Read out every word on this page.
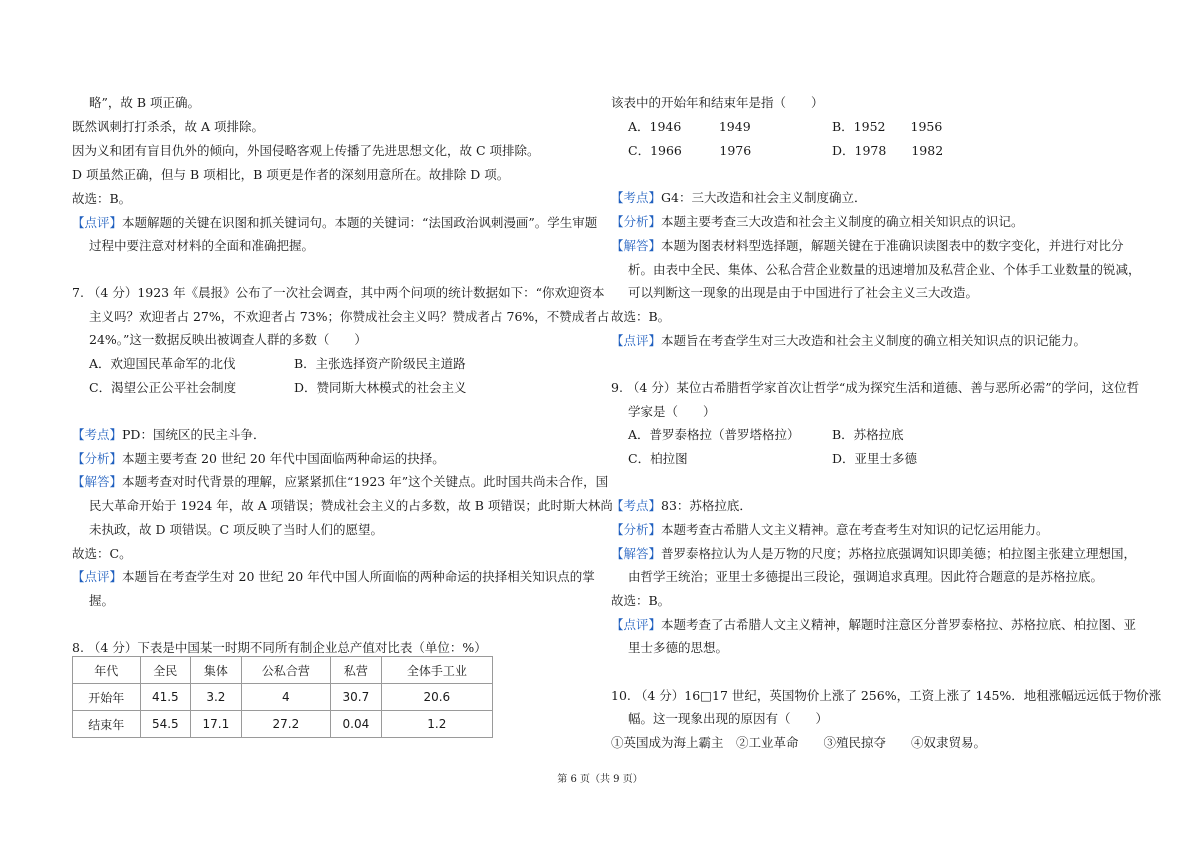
略”，故 B 项正确。
既然讽刺打打杀杀，故 A 项排除。
因为义和团有盲目仇外的倾向，外国侵略客观上传播了先进思想文化，故 C 项排除。
D 项虽然正确，但与 B 项相比，B 项更是作者的深刻用意所在。故排除 D 项。
故选：B。
【点评】本题解题的关键在识图和抓关键词句。本题的关键词：“法国政治讽刺漫画”。学生审题
过程中要注意对材料的全面和准确把握。
7. （4 分）1923 年《晨报》公布了一次社会调查，其中两个问项的统计数据如下：“你欢迎资本
主义吗？欢迎者占 27%，不欢迎者占 73%；你赞成社会主义吗？赞成者占 76%，不赞成者占
24%。”这一数据反映出被调查人群的多数（　　）
A．欢迎国民革命军的北伐	B．主张选择资产阶级民主道路
C．渴望公正公平社会制度	D．赞同斯大林模式的社会主义
【考点】PD：国统区的民主斗争．
【分析】本题主要考查 20 世纪 20 年代中国面临两种命运的抉择。
【解答】本题考查对时代背景的理解，应紧紧抓住“1923 年”这个关键点。此时国共尚未合作，国
民大革命开始于 1924 年，故 A 项错误；赞成社会主义的占多数，故 B 项错误；此时斯大林尚
未执政，故 D 项错误。C 项反映了当时人们的愿望。
故选：C。
【点评】本题旨在考查学生对 20 世纪 20 年代中国人所面临的两种命运的抉择相关知识点的掌
握。
8. （4 分）下表是中国某一时期不同所有制企业总产值对比表（单位：%）
年代	全民	集体	公私合营	私营	全体手工业
开始年	41.5	3.2	4	30.7	20.6
结束年	54.5	17.1	27.2	0.04	1.2
该表中的开始年和结束年是指（　　）
A．1946　　　1949	B．1952　　1956
C．1966　　　1976	D．1978　　1982
【考点】G4：三大改造和社会主义制度确立．
【分析】本题主要考查三大改造和社会主义制度的确立相关知识点的识记。
【解答】本题为图表材料型选择题，解题关键在于准确识读图表中的数字变化，并进行对比分
析。由表中全民、集体、公私合营企业数量的迅速增加及私营企业、个体手工业数量的锐减，
可以判断这一现象的出现是由于中国进行了社会主义三大改造。
故选：B。
【点评】本题旨在考查学生对三大改造和社会主义制度的确立相关知识点的识记能力。
9. （4 分）某位古希腊哲学家首次让哲学“成为探究生活和道德、善与恶所必需”的学问，这位哲
学家是（　　）
A．普罗泰格拉（普罗塔格拉）	B．苏格拉底
C．柏拉图	D．亚里士多德
【考点】83：苏格拉底．
【分析】本题考查古希腊人文主义精神。意在考查考生对知识的记忆运用能力。
【解答】普罗泰格拉认为人是万物的尺度；苏格拉底强调知识即美德；柏拉图主张建立理想国，
由哲学王统治；亚里士多德提出三段论，强调追求真理。因此符合题意的是苏格拉底。
故选：B。
【点评】本题考查了古希腊人文主义精神，解题时注意区分普罗泰格拉、苏格拉底、柏拉图、亚
里士多德的思想。
10. （4 分）16□17 世纪，英国物价上涨了 256%，工资上涨了 145%．地租涨幅远远低于物价涨
幅。这一现象出现的原因有（　　）
①英国成为海上霸主　②工业革命　　③殖民掠夺　　④奴隶贸易。
第 6 页（共 9 页）
